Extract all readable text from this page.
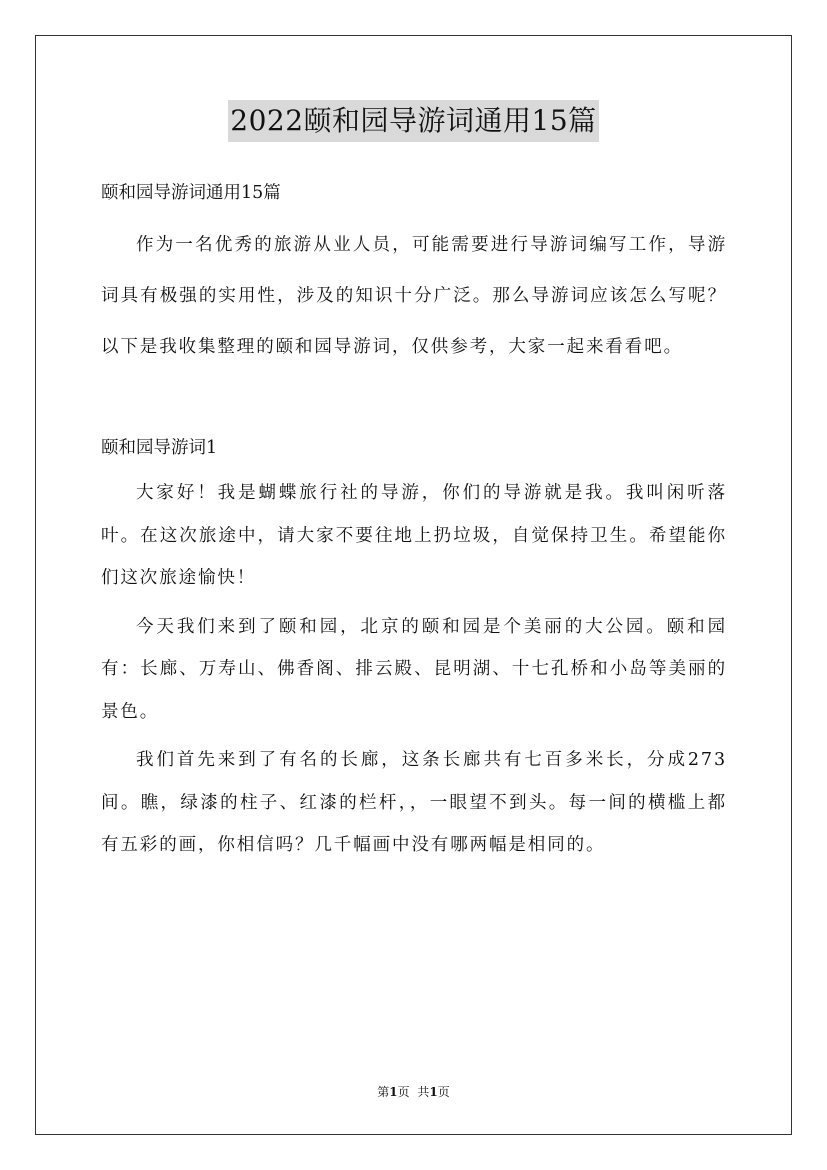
2022颐和园导游词通用15篇

颐和园导游词通用15篇

作为一名优秀的旅游从业人员，可能需要进行导游词编写工作，导游词具有极强的实用性，涉及的知识十分广泛。那么导游词应该怎么写呢？以下是我收集整理的颐和园导游词，仅供参考，大家一起来看看吧。

颐和园导游词1

大家好！我是蝴蝶旅行社的导游，你们的导游就是我。我叫闲听落叶。在这次旅途中，请大家不要往地上扔垃圾，自觉保持卫生。希望能你们这次旅途愉快！

今天我们来到了颐和园，北京的颐和园是个美丽的大公园。颐和园有：长廊、万寿山、佛香阁、排云殿、昆明湖、十七孔桥和小岛等美丽的景色。

我们首先来到了有名的长廊，这条长廊共有七百多米长，分成273间。瞧，绿漆的柱子、红漆的栏杆，，一眼望不到头。每一间的横槛上都有五彩的画，你相信吗？几千幅画中没有哪两幅是相同的。

第1页 共1页
